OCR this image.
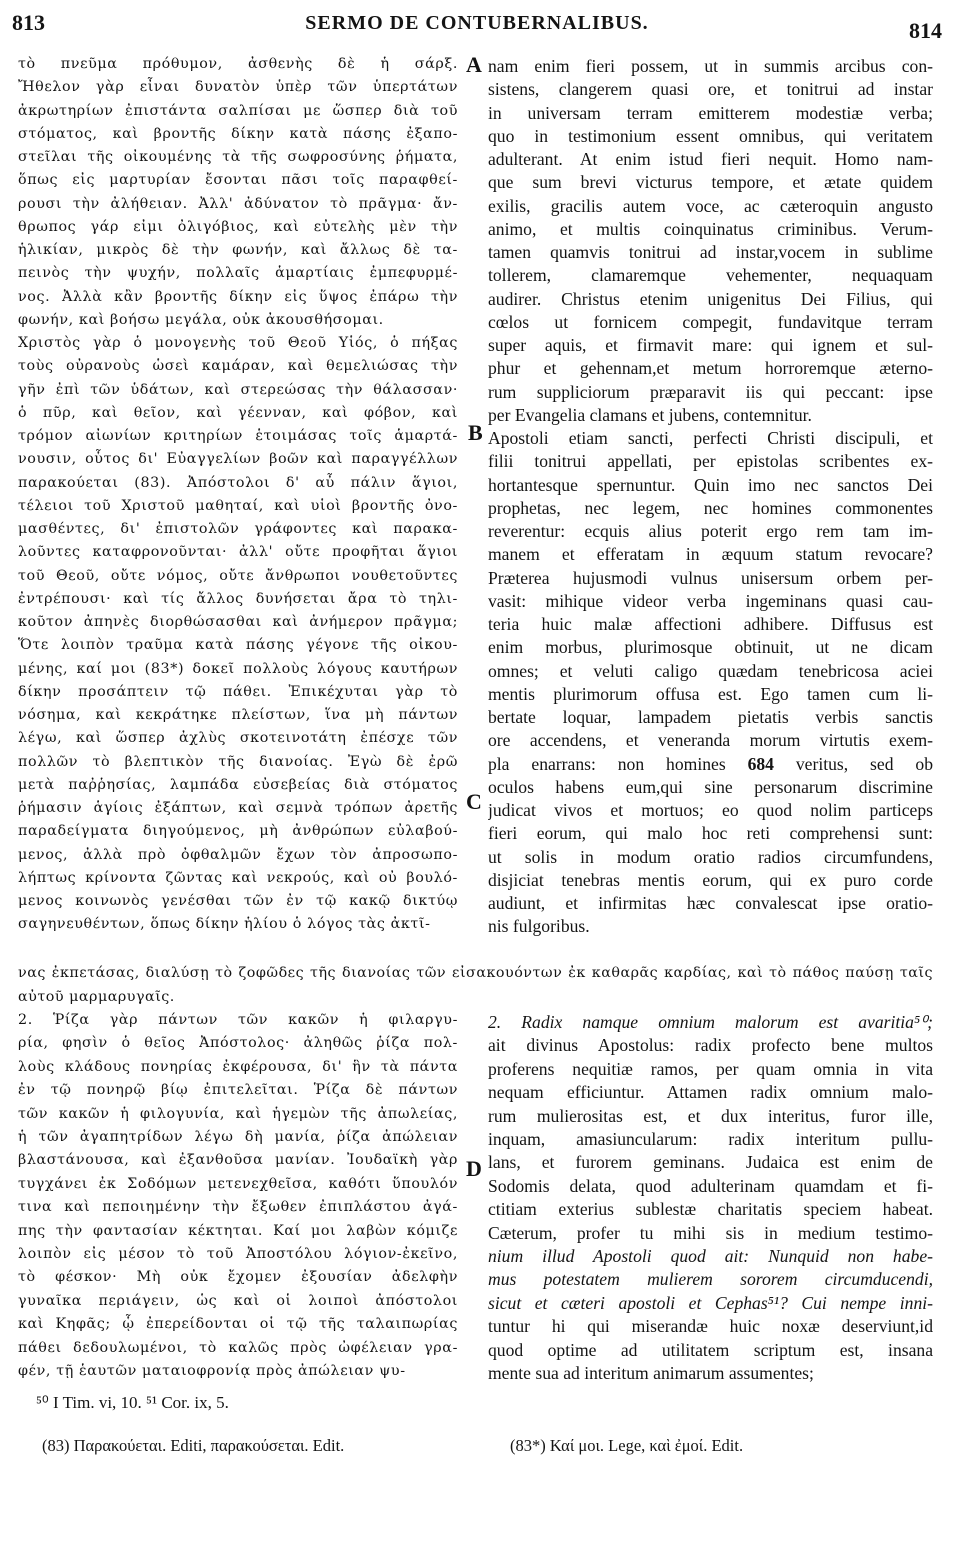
813	SERMO DE CONTUBERNALIBUS.	814
A
B
C
D
τὸ πνεῦμα πρόθυμον, ἀσθενὴς δὲ ἡ σάρξ.
Ἤθελον γὰρ εἶναι δυνατὸν ὑπὲρ τῶν ὑπερτάτων
ἀκρωτηρίων ἐπιστάντα σαλπίσαι με ὥσπερ διὰ τοῦ
στόματος, καὶ βροντῆς δίκην κατὰ πάσης ἐξαπο-
στεῖλαι τῆς οἰκουμένης τὰ τῆς σωφροσύνης ῥήματα,
ὅπως εἰς μαρτυρίαν ἔσονται πᾶσι τοῖς παραφθεί-
ρουσι τὴν ἀλήθειαν. Ἀλλ' ἀδύνατον τὸ πρᾶγμα· ἄν-
θρωπος γάρ εἰμι ὀλιγόβιος, καὶ εὐτελὴς μὲν τὴν
ἡλικίαν, μικρὸς δὲ τὴν φωνήν, καὶ ἄλλως δὲ τα-
πεινὸς τὴν ψυχήν, πολλαῖς ἁμαρτίαις ἐμπεφυρμέ-
νος. Ἀλλὰ κἂν βροντῆς δίκην εἰς ὕψος ἐπάρω τὴν
φωνήν, καὶ βοήσω μεγάλα, οὐκ ἀκουσθήσομαι.
Χριστὸς γὰρ ὁ μονογενὴς τοῦ Θεοῦ Υἱός, ὁ πήξας
τοὺς οὐρανοὺς ὡσεὶ καμάραν, καὶ θεμελιώσας τὴν
γῆν ἐπὶ τῶν ὑδάτων, καὶ στερεώσας τὴν θάλασσαν·
ὁ πῦρ, καὶ θεῖον, καὶ γέενναν, καὶ φόβον, καὶ
τρόμον αἰωνίων κριτηρίων ἑτοιμάσας τοῖς ἁμαρτά-
νουσιν, οὗτος δι' Εὐαγγελίων βοῶν καὶ παραγγέλλων
παρακούεται (83). Ἀπόστολοι δ' αὖ πάλιν ἅγιοι,
τέλειοι τοῦ Χριστοῦ μαθηταί, καὶ υἱοὶ βροντῆς ὀνο-
μασθέντες, δι' ἐπιστολῶν γράφοντες καὶ παρακα-
λοῦντες καταφρονοῦνται· ἀλλ' οὔτε προφῆται ἅγιοι
τοῦ Θεοῦ, οὔτε νόμος, οὔτε ἄνθρωποι νουθετοῦντες
ἐντρέπουσι· καὶ τίς ἄλλος δυνήσεται ἄρα τὸ τηλι-
κοῦτον ἀπηνὲς διορθώσασθαι καὶ ἀνήμερον πρᾶγμα;
Ὅτε λοιπὸν τραῦμα κατὰ πάσης γέγονε τῆς οἰκου-
μένης, καί μοι (83*) δοκεῖ πολλοὺς λόγους καυτήρων
δίκην προσάπτειν τῷ πάθει. Ἐπικέχυται γὰρ τὸ
νόσημα, καὶ κεκράτηκε πλείστων, ἵνα μὴ πάντων
λέγω, καὶ ὥσπερ ἀχλὺς σκοτεινοτάτη ἐπέσχε τῶν
πολλῶν τὸ βλεπτικὸν τῆς διανοίας. Ἐγὼ δὲ ἐρῶ
μετὰ παῤῥησίας, λαμπάδα εὐσεβείας διὰ στόματος
ῥήμασιν ἁγίοις ἐξάπτων, καὶ σεμνὰ τρόπων ἀρετῆς
παραδείγματα διηγούμενος, μὴ ἀνθρώπων εὐλαβού-
μενος, ἀλλὰ πρὸ ὀφθαλμῶν ἔχων τὸν ἀπροσωπο-
λήπτως κρίνοντα ζῶντας καὶ νεκρούς, καὶ οὐ βουλό-
μενος κοινωνὸς γενέσθαι τῶν ἐν τῷ κακῷ δικτύῳ
σαγηνευθέντων, ὅπως δίκην ἡλίου ὁ λόγος τὰς ἀκτῖ-
nam enim fieri possem, ut in summis arcibus con-
sistens, clangerem quasi ore, et tonitrui ad instar
in universam terram emitterem modestiæ verba;
quo in testimonium essent omnibus, qui veritatem
adulterant. At enim istud fieri nequit. Homo nam-
que sum brevi victurus tempore, et ætate quidem
exilis, gracilis autem voce, ac cæteroquin angusto
animo, et multis coinquinatus criminibus. Verum-
tamen quamvis tonitrui ad instar,vocem in sublime
tollerem, clamaremque vehementer, nequaquam
audirer. Christus etenim unigenitus Dei Filius, qui
cœlos ut fornicem compegit, fundavitque terram
super aquis, et firmavit mare: qui ignem et sul-
phur et gehennam,et metum horroremque æterno-
rum suppliciorum præparavit iis qui peccant: ipse
per Evangelia clamans et jubens, contemnitur.
Apostoli etiam sancti, perfecti Christi discipuli, et
filii tonitrui appellati, per epistolas scribentes ex-
hortantesque spernuntur. Quin imo nec sanctos Dei
prophetas, nec legem, nec homines commonentes
reverentur: ecquis alius poterit ergo rem tam im-
manem et efferatam in æquum statum revocare?
Præterea hujusmodi vulnus unisersum orbem per-
vasit: mihique videor verba ingeminans quasi cau-
teria huic malæ affectioni adhibere. Diffusus est
enim morbus, plurimosque obtinuit, ut ne dicam
omnes; et veluti caligo quædam tenebricosa aciei
mentis plurimorum offusa est. Ego tamen cum li-
bertate loquar, lampadem pietatis verbis sanctis
ore accendens, et veneranda morum virtutis exem-
pla enarrans: non homines 684 veritus, sed ob
oculos habens eum,qui sine personarum discrimine
judicat vivos et mortuos; eo quod nolim particeps
fieri eorum, qui malo hoc reti comprehensi sunt:
ut solis in modum oratio radios circumfundens,
disjiciat tenebras mentis eorum, qui ex puro corde
audiunt, et infirmitas hæc convalescat ipse oratio-
nis fulgoribus.
νας ἐκπετάσας, διαλύσῃ τὸ ζοφῶδες τῆς διανοίας τῶν εἰσακουόντων ἐκ καθαρᾶς καρδίας, καὶ τὸ πάθος παύσῃ ταῖς
αὐτοῦ μαρμαρυγαῖς.
2. Ῥίζα γὰρ πάντων τῶν κακῶν ἡ φιλαργυ-
ρία, φησὶν ὁ θεῖος Ἀπόστολος· ἀληθῶς ῥίζα πολ-
λοὺς κλάδους πονηρίας ἐκφέρουσα, δι' ἣν τὰ πάντα
ἐν τῷ πονηρῷ βίῳ ἐπιτελεῖται. Ῥίζα δὲ πάντων
τῶν κακῶν ἡ φιλογυνία, καὶ ἡγεμὼν τῆς ἀπωλείας,
ἡ τῶν ἀγαπητρίδων λέγω δὴ μανία, ῥίζα ἀπώλειαν
βλαστάνουσα, καὶ ἐξανθοῦσα μανίαν. Ἰουδαϊκὴ γὰρ
τυγχάνει ἐκ Σοδόμων μετενεχθεῖσα, καθότι ὕπουλόν
τινα καὶ πεποιημένην τὴν ἔξωθεν ἐπιπλάστου ἀγά-
πης τὴν φαντασίαν κέκτηται. Καί μοι λαβὼν κόμιζε
λοιπὸν εἰς μέσον τὸ τοῦ Ἀποστόλου λόγιον-ἐκεῖνο,
τὸ φέσκον· Μὴ οὐκ ἔχομεν ἐξουσίαν ἀδελφὴν
γυναῖκα περιάγειν, ὡς καὶ οἱ λοιποὶ ἀπόστολοι
καὶ Κηφᾶς; ᾧ ἐπερείδονται οἱ τῷ τῆς ταλαιπωρίας
πάθει δεδουλωμένοι, τὸ καλῶς πρὸς ὠφέλειαν γρα-
φέν, τῇ ἑαυτῶν ματαιοφρονίᾳ πρὸς ἀπώλειαν ψυ-
2. Radix namque omnium malorum est avaritia⁵⁰;
ait divinus Apostolus: radix profecto bene multos
proferens nequitiæ ramos, per quam omnia in vita
nequam efficiuntur. Attamen radix omnium malo-
rum mulierositas est, et dux interitus, furor ille,
inquam, amasiuncularum: radix interitum pullu-
lans, et furorem geminans. Judaica est enim de
Sodomis delata, quod adulterinam quamdam et fi-
ctitiam exterius sublestæ charitatis speciem habeat.
Cæterum, profer tu mihi sis in medium testimo-
nium illud Apostoli quod ait: Nunquid non habe-
mus potestatem mulierem sororem circumducendi,
sicut et cæteri apostoli et Cephas⁵¹? Cui nempe inni-
tuntur hi qui miserandæ huic noxæ deserviunt,id
quod optime ad utilitatem scriptum est, insana
mente sua ad interitum animarum assumentes;
⁵⁰ I Tim. vi, 10. ⁵¹ Cor. ix, 5.
(83) Παρακούεται. Editi, παρακούσεται. Edit.	(83*) Καί μοι. Lege, καὶ ἐμοί. Edit.
